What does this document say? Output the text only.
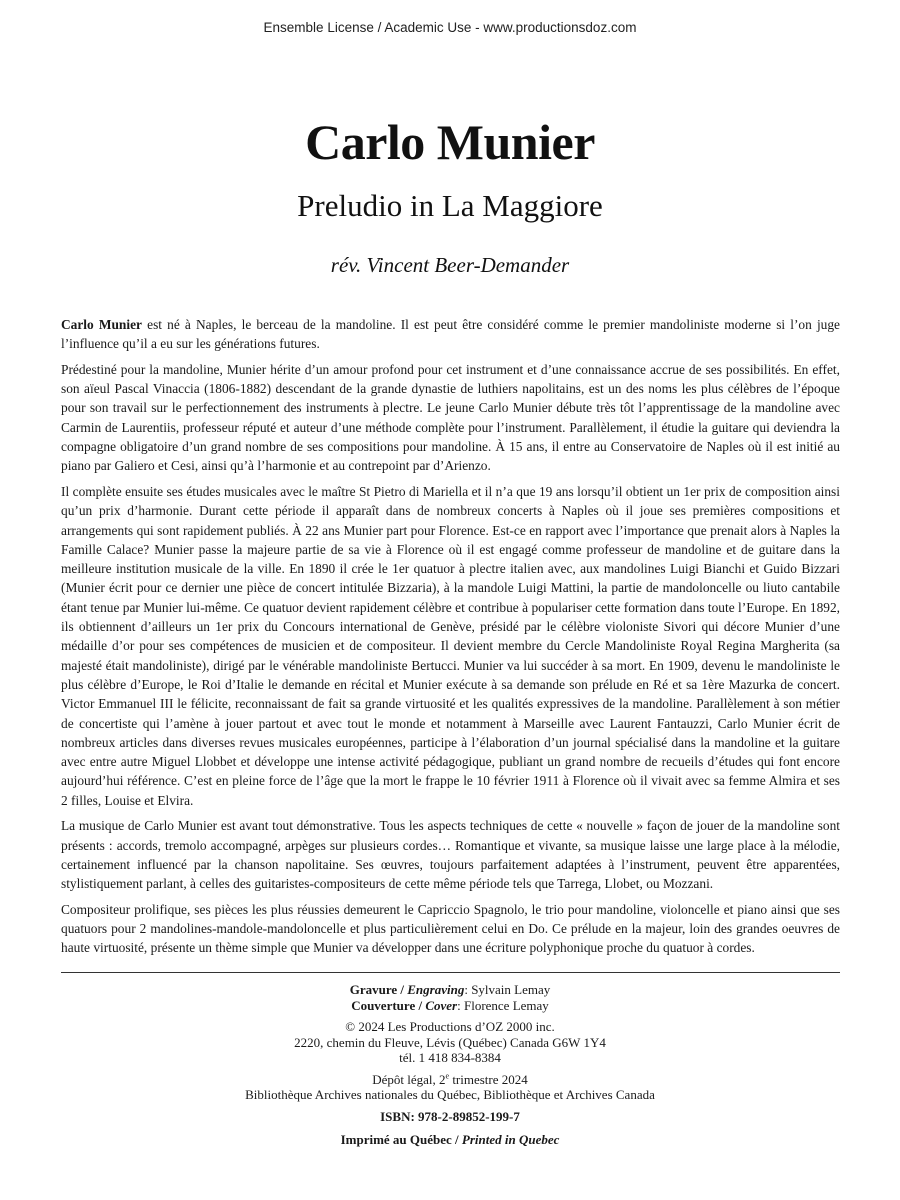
Ensemble License / Academic Use - www.productionsdoz.com
Carlo Munier
Preludio in La Maggiore
rév. Vincent Beer-Demander

Carlo Munier est né à Naples, le berceau de la mandoline. Il est peut être considéré comme le premier mandoliniste moderne si l’on juge l’influence qu’il a eu sur les générations futures.

Prédestiné pour la mandoline, Munier hérite d’un amour profond pour cet instrument et d’une connaissance accrue de ses possibilités. En effet, son aïeul Pascal Vinaccia (1806-1882) descendant de la grande dynastie de luthiers napolitains, est un des noms les plus célèbres de l’époque pour son travail sur le perfectionnement des instruments à plectre. Le jeune Carlo Munier débute très tôt l’apprentissage de la mandoline avec Carmin de Laurentiis, professeur réputé et auteur d’une méthode complète pour l’instrument. Parallèlement, il étudie la guitare qui deviendra la compagne obligatoire d’un grand nombre de ses compositions pour mandoline. À 15 ans, il entre au Conservatoire de Naples où il est initié au piano par Galiero et Cesi, ainsi qu’à l’harmonie et au contrepoint par d’Arienzo.

Il complète ensuite ses études musicales avec le maître St Pietro di Mariella et il n’a que 19 ans lorsqu’il obtient un 1er prix de composition ainsi qu’un prix d’harmonie. Durant cette période il apparaît dans de nombreux concerts à Naples où il joue ses premières compositions et arrangements qui sont rapidement publiés. À 22 ans Munier part pour Florence. Est-ce en rapport avec l’importance que prenait alors à Naples la Famille Calace? Munier passe la majeure partie de sa vie à Florence où il est engagé comme professeur de mandoline et de guitare dans la meilleure institution musicale de la ville. En 1890 il crée le 1er quatuor à plectre italien avec, aux mandolines Luigi Bianchi et Guido Bizzari (Munier écrit pour ce dernier une pièce de concert intitulée Bizzaria), à la mandole Luigi Mattini, la partie de mandoloncelle ou liuto cantabile étant tenue par Munier lui-même. Ce quatuor devient rapidement célèbre et contribue à populariser cette formation dans toute l’Europe. En 1892, ils obtiennent d’ailleurs un 1er prix du Concours international de Genève, présidé par le célèbre violoniste Sivori qui décore Munier d’une médaille d’or pour ses compétences de musicien et de compositeur. Il devient membre du Cercle Mandoliniste Royal Regina Margherita (sa majesté était mandoliniste), dirigé par le vénérable mandoliniste Bertucci. Munier va lui succéder à sa mort. En 1909, devenu le mandoliniste le plus célèbre d’Europe, le Roi d’Italie le demande en récital et Munier exécute à sa demande son prélude en Ré et sa 1ère Mazurka de concert. Victor Emmanuel III le félicite, reconnaissant de fait sa grande virtuosité et les qualités expressives de la mandoline. Parallèlement à son métier de concertiste qui l’amène à jouer partout et avec tout le monde et notamment à Marseille avec Laurent Fantauzzi, Carlo Munier écrit de nombreux articles dans diverses revues musicales européennes, participe à l’élaboration d’un journal spécialisé dans la mandoline et la guitare avec entre autre Miguel Llobbet et développe une intense activité pédagogique, publiant un grand nombre de recueils d’études qui font encore aujourd’hui référence. C’est en pleine force de l’âge que la mort le frappe le 10 février 1911 à Florence où il vivait avec sa femme Almira et ses 2 filles, Louise et Elvira.

La musique de Carlo Munier est avant tout démonstrative. Tous les aspects techniques de cette « nouvelle » façon de jouer de la mandoline sont présents : accords, tremolo accompagné, arpèges sur plusieurs cordes… Romantique et vivante, sa musique laisse une large place à la mélodie, certainement influencé par la chanson napolitaine. Ses œuvres, toujours parfaitement adaptées à l’instrument, peuvent être apparentées, stylistiquement parlant, à celles des guitaristes-compositeurs de cette même période tels que Tarrega, Llobet, ou Mozzani.

Compositeur prolifique, ses pièces les plus réussies demeurent le Capriccio Spagnolo, le trio pour mandoline, violoncelle et piano ainsi que ses quatuors pour 2 mandolines-mandole-mandoloncelle et plus particulièrement celui en Do. Ce prélude en la majeur, loin des grandes oeuvres de haute virtuosité, présente un thème simple que Munier va développer dans une écriture polyphonique proche du quatuor à cordes.

Gravure / Engraving: Sylvain Lemay
Couverture / Cover: Florence Lemay
© 2024 Les Productions d’OZ 2000 inc.
2220, chemin du Fleuve, Lévis (Québec) Canada G6W 1Y4
tél. 1 418 834-8384
Dépôt légal, 2e trimestre 2024
Bibliothèque Archives nationales du Québec, Bibliothèque et Archives Canada
ISBN: 978-2-89852-199-7
Imprimé au Québec / Printed in Quebec
